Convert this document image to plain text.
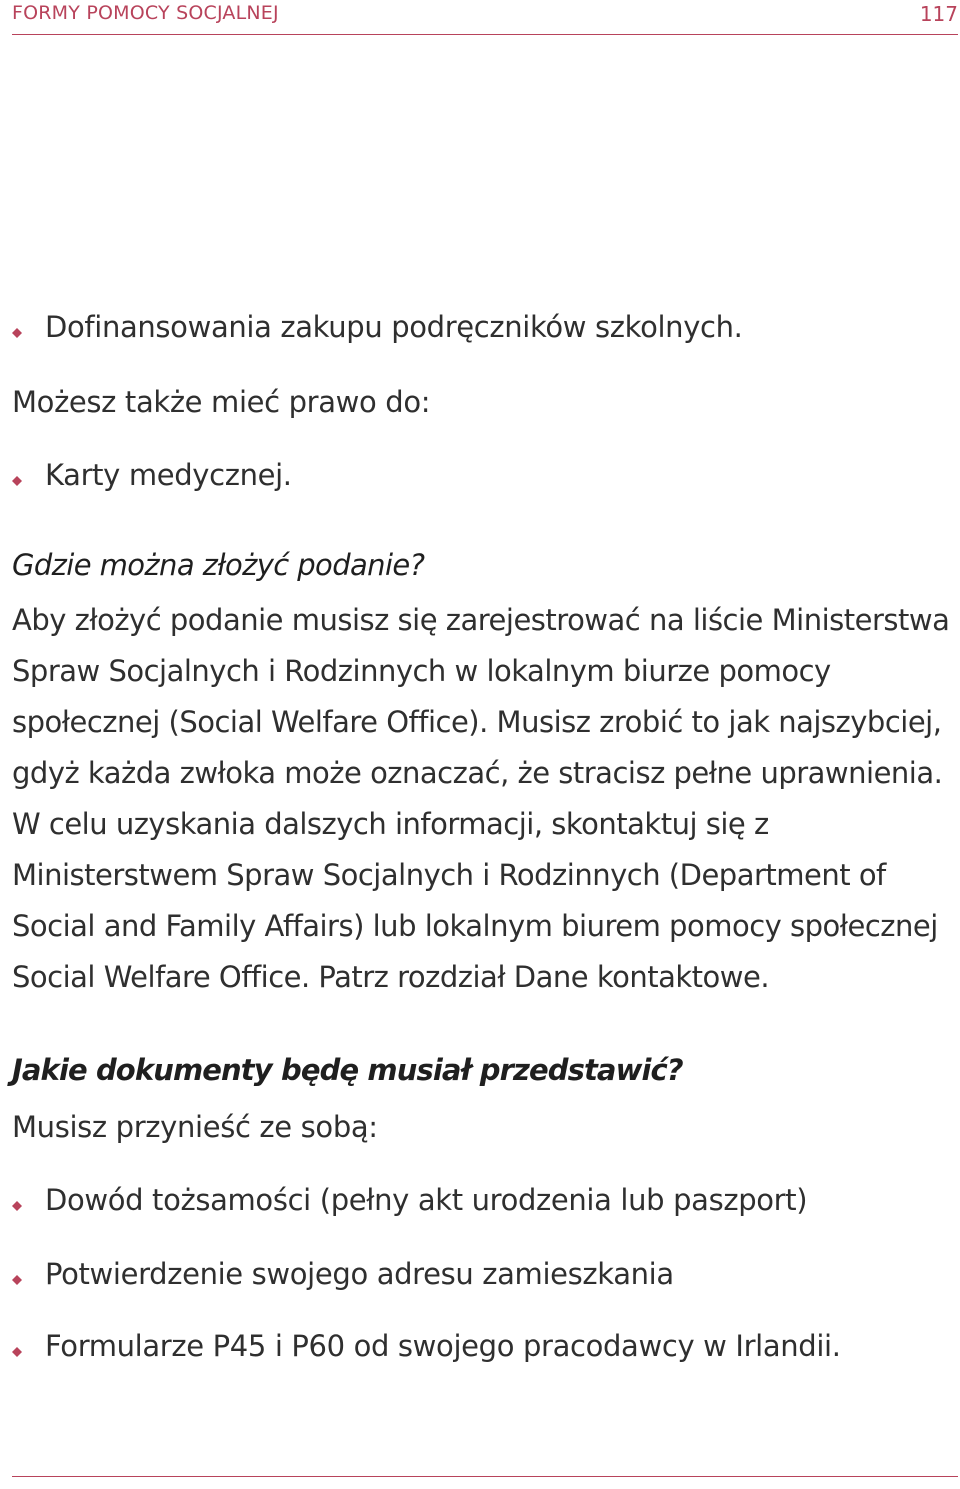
FORMY POMOCY SOCJALNEJ	117
Dofinansowania zakupu podręczników szkolnych.
Możesz także mieć prawo do:
Karty medycznej.
Gdzie można złożyć podanie?
Aby złożyć podanie musisz się zarejestrować na liście Ministerstwa
Spraw Socjalnych i Rodzinnych w lokalnym biurze pomocy
społecznej (Social Welfare Office). Musisz zrobić to jak najszybciej,
gdyż każda zwłoka może oznaczać, że stracisz pełne uprawnienia.
W celu uzyskania dalszych informacji, skontaktuj się z
Ministerstwem Spraw Socjalnych i Rodzinnych (Department of
Social and Family Affairs) lub lokalnym biurem pomocy społecznej
Social Welfare Office. Patrz rozdział Dane kontaktowe.
Jakie dokumenty będę musiał przedstawić?
Musisz przynieść ze sobą:
Dowód tożsamości (pełny akt urodzenia lub paszport)
Potwierdzenie swojego adresu zamieszkania
Formularze P45 i P60 od swojego pracodawcy w Irlandii.
